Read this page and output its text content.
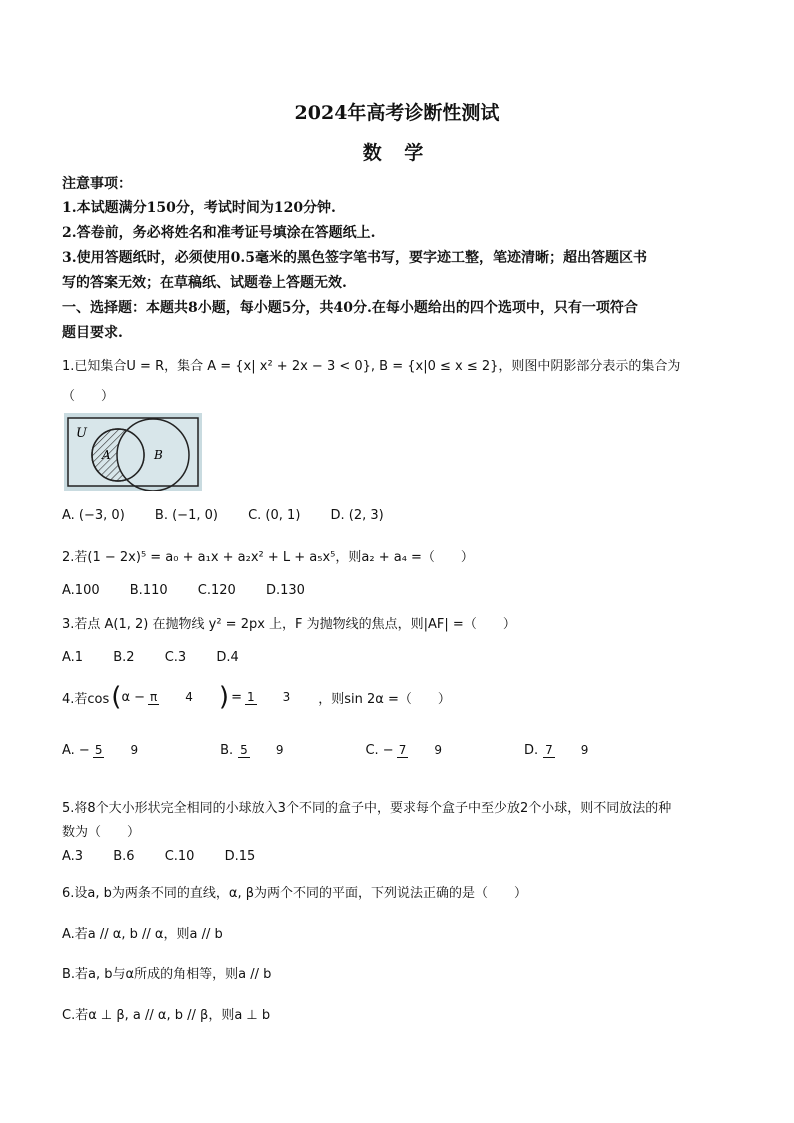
2024年高考诊断性测试
数 学
注意事项：
1.本试题满分150分，考试时间为120分钟.
2.答卷前，务必将姓名和准考证号填涂在答题纸上.
3.使用答题纸时，必须使用0.5毫米的黑色签字笔书写，要字迹工整，笔迹清晰；超出答题区书
写的答案无效；在草稿纸、试题卷上答题无效.
一、选择题：本题共8小题，每小题5分，共40分.在每小题给出的四个选项中，只有一项符合
题目要求.
1.已知集合U = R，集合 A = {x| x² + 2x − 3 < 0}, B = {x|0 ≤ x ≤ 2}，则图中阴影部分表示的集合为
（　　）
U
A	B
A. (−3, 0) B. (−1, 0) C. (0, 1) D. (2, 3)
2.若(1 − 2x)⁵ = a₀ + a₁x + a₂x² + L + a₅x⁵，则a₂ + a₄ =（　　）
A.100 B.110 C.120 D.130
3.若点 A(1, 2) 在抛物线 y² = 2px 上，F 为抛物线的焦点，则|AF| =（　　）
A.1 B.2 C.3 D.4
4.若cos ( α − π 4	) = 1 3	，则sin 2α =（　　）
A. − 5 9	B. 5 9	C. − 7 9	D. 7 9
5.将8个大小形状完全相同的小球放入3个不同的盒子中，要求每个盒子中至少放2个小球，则不同放法的种
数为（　　）
A.3 B.6 C.10 D.15
6.设a, b为两条不同的直线，α, β为两个不同的平面，下列说法正确的是（　　）
A.若a // α, b // α，则a // b
B.若a, b与α所成的角相等，则a // b
C.若α ⊥ β, a // α, b // β，则a ⊥ b
